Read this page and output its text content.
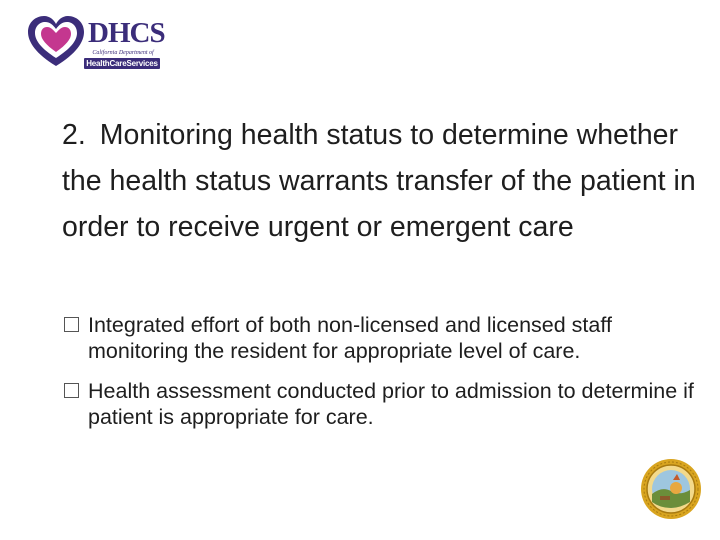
DHCS
California Department of
HealthCareServices
2. Monitoring health status to determine whether the health status warrants transfer of the patient in order to receive urgent or emergent care
Integrated effort of both non-licensed and licensed staff monitoring the resident for appropriate level of care.
Health assessment conducted prior to admission to determine if patient is appropriate for care.
